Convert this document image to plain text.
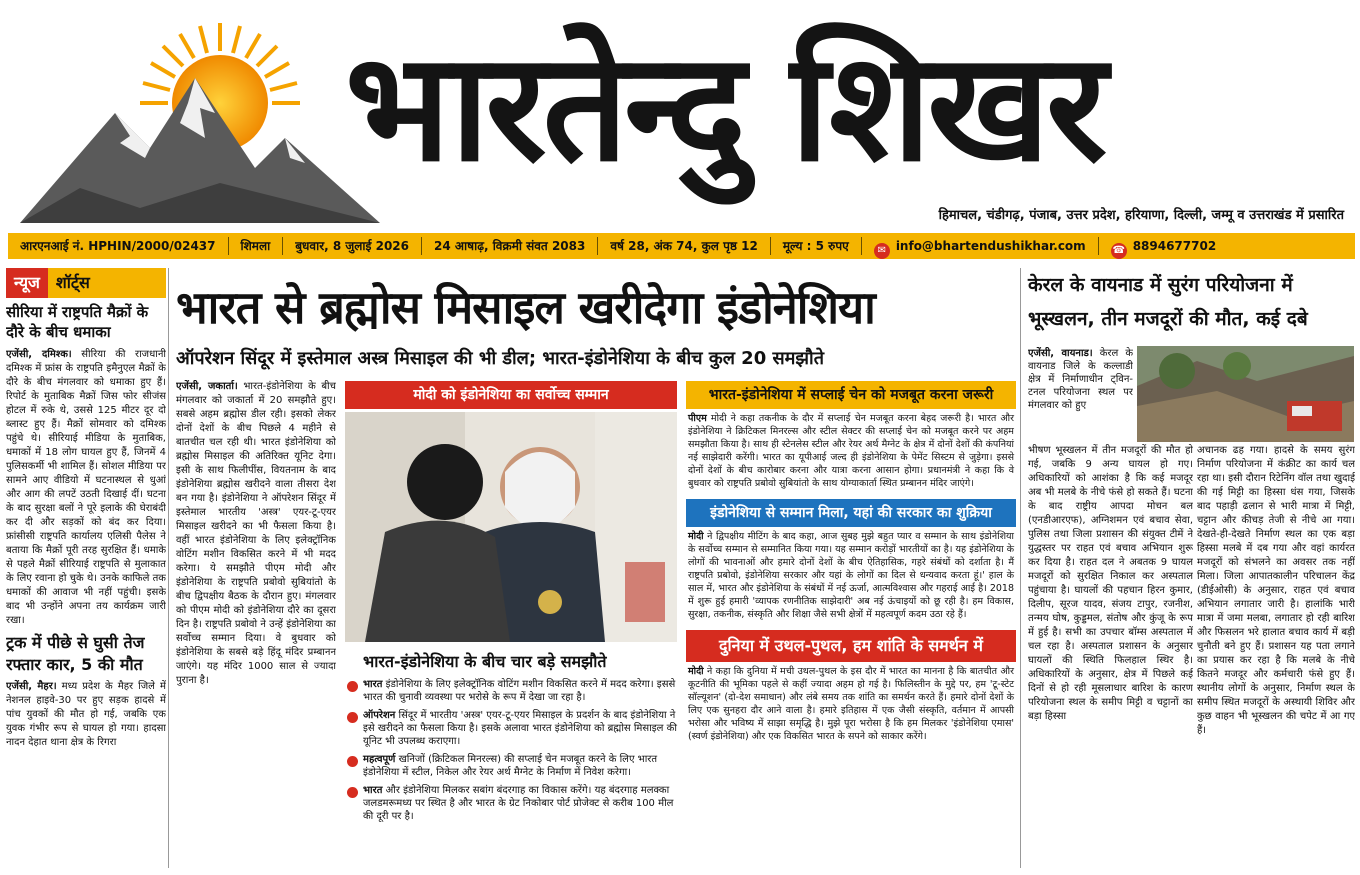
भारतेन्दु शिखर
हिमाचल, चंडीगढ़, पंजाब, उत्तर प्रदेश, हरियाणा, दिल्ली, जम्मू व उत्तराखंड में प्रसारित
आरएनआई नं. HPHIN/2000/02437	शिमला	बुधवार, 8 जुलाई 2026	24 आषाढ़, विक्रमी संवत 2083	वर्ष 28, अंक 74, कुल पृष्ठ 12	मूल्य : 5 रुपए	✉ info@bhartendushikhar.com	☎ 8894677702
न्यूज	शॉर्ट्स
सीरिया में राष्ट्रपति मैक्रों के दौरे के बीच धमाका
एजेंसी, दमिश्क। सीरिया की राजधानी दमिश्क में फ्रांस के राष्ट्रपति इमैनुएल मैक्रों के दौरे के बीच मंगलवार को धमाका हुए हैं। रिपोर्ट के मुताबिक मैक्रों जिस फोर सीजंस होटल में रुके थे, उससे 125 मीटर दूर दो ब्लास्ट हुए हैं। मैक्रों सोमवार को दमिश्क पहुंचे थे। सीरियाई मीडिया के मुताबिक, धमाकों में 18 लोग घायल हुए हैं, जिनमें 4 पुलिसकर्मी भी शामिल हैं। सोशल मीडिया पर सामने आए वीडियो में घटनास्थल से धुआं और आग की लपटें उठती दिखाई दीं। घटना के बाद सुरक्षा बलों ने पूरे इलाके की घेराबंदी कर दी और सड़कों को बंद कर दिया। फ्रांसीसी राष्ट्रपति कार्यालय एलिसी पैलेस ने बताया कि मैक्रों पूरी तरह सुरक्षित हैं। धमाके से पहले मैक्रों सीरियाई राष्ट्रपति से मुलाकात के लिए रवाना हो चुके थे। उनके काफिले तक धमाकों की आवाज भी नहीं पहुंची। इसके बाद भी उन्होंने अपना तय कार्यक्रम जारी रखा।
ट्रक में पीछे से घुसी तेज रफ्तार कार, 5 की मौत
एजेंसी, मैहर। मध्य प्रदेश के मैहर जिले में नेशनल हाइवे-30 पर हुए सड़क हादसे में पांच युवकों की मौत हो गई, जबकि एक युवक गंभीर रूप से घायल हो गया। हादसा नादन देहात थाना क्षेत्र के रिगरा
भारत से ब्रह्मोस मिसाइल खरीदेगा इंडोनेशिया
ऑपरेशन सिंदूर में इस्तेमाल अस्त्र मिसाइल की भी डील; भारत-इंडोनेशिया के बीच कुल 20 समझौते
एजेंसी, जकार्ता। भारत-इंडोनेशिया के बीच मंगलवार को जकार्ता में 20 समझौते हुए। सबसे अहम ब्रह्मोस डील रही। इसको लेकर दोनों देशों के बीच पिछले 4 महीने से बातचीत चल रही थी। भारत इंडोनेशिया को ब्रह्मोस मिसाइल की अतिरिक्त यूनिट देगा। इसी के साथ फिलीपींस, वियतनाम के बाद इंडोनेशिया ब्रह्मोस खरीदने वाला तीसरा देश बन गया है। इंडोनेशिया ने ऑपरेशन सिंदूर में इस्तेमाल भारतीय 'अस्त्र' एयर-टू-एयर मिसाइल खरीदने का भी फैसला किया है। वहीं भारत इंडोनेशिया के लिए इलेक्ट्रॉनिक वोटिंग मशीन विकसित करने में भी मदद करेगा। ये समझौते पीएम मोदी और इंडोनेशिया के राष्ट्रपति प्रबोवो सुबियांतो के बीच द्विपक्षीय बैठक के दौरान हुए। मंगलवार को पीएम मोदी को इंडोनेशिया दौरे का दूसरा दिन है। राष्ट्रपति प्रबोवो ने उन्हें इंडोनेशिया का सर्वोच्च सम्मान दिया। वे बुधवार को इंडोनेशिया के सबसे बड़े हिंदू मंदिर प्रम्बानन जाएंगे। यह मंदिर 1000 साल से ज्यादा पुराना है।
मोदी को इंडोनेशिया का सर्वोच्च सम्मान
भारत-इंडोनेशिया के बीच चार बड़े समझौते
भारत इंडोनेशिया के लिए इलेक्ट्रॉनिक वोटिंग मशीन विकसित करने में मदद करेगा। इससे भारत की चुनावी व्यवस्था पर भरोसे के रूप में देखा जा रहा है।
ऑपरेशन सिंदूर में भारतीय 'अस्त्र' एयर-टू-एयर मिसाइल के प्रदर्शन के बाद इंडोनेशिया ने इसे खरीदने का फैसला किया है। इसके अलावा भारत इंडोनेशिया को ब्रह्मोस मिसाइल की यूनिट भी उपलब्ध कराएगा।
महत्वपूर्ण खनिजों (क्रिटिकल मिनरल्स) की सप्लाई चेन मजबूत करने के लिए भारत इंडोनेशिया में स्टील, निकेल और रेयर अर्थ मैग्नेट के निर्माण में निवेश करेगा।
भारत और इंडोनेशिया मिलकर सबांग बंदरगाह का विकास करेंगे। यह बंदरगाह मलक्का जलडमरूमध्य पर स्थित है और भारत के ग्रेट निकोबार पोर्ट प्रोजेक्ट से करीब 100 मील की दूरी पर है।
भारत-इंडोनेशिया में सप्लाई चेन को मजबूत करना जरूरी
पीएम मोदी ने कहा तकनीक के दौर में सप्लाई चेन मजबूत करना बेहद जरूरी है। भारत और इंडोनेशिया ने क्रिटिकल मिनरल्स और स्टील सेक्टर की सप्लाई चेन को मजबूत करने पर अहम समझौता किया है। साथ ही स्टेनलेस स्टील और रेयर अर्थ मैग्नेट के क्षेत्र में दोनों देशों की कंपनियां नई साझेदारी करेंगी। भारत का यूपीआई जल्द ही इंडोनेशिया के पेमेंट सिस्टम से जुड़ेगा। इससे दोनों देशों के बीच कारोबार करना और यात्रा करना आसान होगा। प्रधानमंत्री ने कहा कि वे बुधवार को राष्ट्रपति प्रबोवो सुबियांतो के साथ योग्याकार्ता स्थित प्रम्बानन मंदिर जाएंगे।
इंडोनेशिया से सम्मान मिला, यहां की सरकार का शुक्रिया
मोदी ने द्विपक्षीय मीटिंग के बाद कहा, आज सुबह मुझे बहुत प्यार व सम्मान के साथ इंडोनेशिया के सर्वोच्च सम्मान से सम्मानित किया गया। यह सम्मान करोड़ों भारतीयों का है। यह इंडोनेशिया के लोगों की भावनाओं और हमारे दोनों देशों के बीच ऐतिहासिक, गहरे संबंधों को दर्शाता है। मैं राष्ट्रपति प्रबोवो, इंडोनेशिया सरकार और यहां के लोगों का दिल से धन्यवाद करता हूं।' हाल के साल में, भारत और इंडोनेशिया के संबंधों में नई ऊर्जा, आत्मविश्वास और गहराई आई है। 2018 में शुरू हुई हमारी 'व्यापक रणनीतिक साझेदारी' अब नई ऊंचाइयों को छू रही है। हम विकास, सुरक्षा, तकनीक, संस्कृति और शिक्षा जैसे सभी क्षेत्रों में महत्वपूर्ण कदम उठा रहे हैं।
दुनिया में उथल-पुथल, हम शांति के समर्थन में
मोदी ने कहा कि दुनिया में मची उथल-पुथल के इस दौर में भारत का मानना है कि बातचीत और कूटनीति की भूमिका पहले से कहीं ज्यादा अहम हो गई है। फिलिस्तीन के मुद्दे पर, हम 'टू-स्टेट सॉल्यूशन' (दो-देश समाधान) और लंबे समय तक शांति का समर्थन करते हैं। हमारे दोनों देशों के लिए एक सुनहरा दौर आने वाला है। हमारे इतिहास में एक जैसी संस्कृति, वर्तमान में आपसी भरोसा और भविष्य में साझा समृद्धि है। मुझे पूरा भरोसा है कि हम मिलकर 'इंडोनेशिया एमास' (स्वर्ण इंडोनेशिया) और एक विकसित भारत के सपने को साकार करेंगे।
केरल के वायनाड में सुरंग परियोजना में भूस्खलन, तीन मजदूरों की मौत, कई दबे
एजेंसी, वायनाड। केरल के वायनाड जिले के कल्लाडी क्षेत्र में निर्माणाधीन ट्विन-टनल परियोजना स्थल पर मंगलवार को हुए
भीषण भूस्खलन में तीन मजदूरों की मौत हो गई, जबकि 9 अन्य घायल हो गए। अधिकारियों को आशंका है कि कई मजदूर अब भी मलबे के नीचे फंसे हो सकते हैं। घटना के बाद राष्ट्रीय आपदा मोचन बल (एनडीआरएफ), अग्निशमन एवं बचाव सेवा, पुलिस तथा जिला प्रशासन की संयुक्त टीमें ने युद्धस्तर पर राहत एवं बचाव अभियान शुरू कर दिया है। राहत दल ने अबतक 9 घायल मजदूरों को सुरक्षित निकाल कर अस्पताल पहुंचाया है। घायलों की पहचान हिरन कुमार, दिलीप, सूरज यादव, संजय टापुर, रजनीश, तन्मय घोष, कुड्डमल, संतोष और कुंजू के रूप में हुई है। सभी का उपचार बॉम्स अस्पताल में चल रहा है। अस्पताल प्रशासन के अनुसार घायलों की स्थिति फिलहाल स्थिर है। अधिकारियों के अनुसार, क्षेत्र में पिछले कई दिनों से हो रही मूसलाधार बारिश के कारण परियोजना स्थल के समीप मिट्टी व चट्टानों का बड़ा हिस्सा
अचानक ढह गया। हादसे के समय सुरंग निर्माण परियोजना में कंक्रीट का कार्य चल रहा था। इसी दौरान रिटेनिंग वॉल तथा खुदाई की गई मिट्टी का हिस्सा धंस गया, जिसके बाद पहाड़ी ढलान से भारी मात्रा में मिट्टी, चट्टान और कीचड़ तेजी से नीचे आ गया। देखते-ही-देखते निर्माण स्थल का एक बड़ा हिस्सा मलबे में दब गया और वहां कार्यरत मजदूरों को संभलने का अवसर तक नहीं मिला। जिला आपातकालीन परिचालन केंद्र (डीईओसी) के अनुसार, राहत एवं बचाव अभियान लगातार जारी है। हालांकि भारी मात्रा में जमा मलबा, लगातार हो रही बारिश और फिसलन भरे हालात बचाव कार्य में बड़ी चुनौती बने हुए हैं। प्रशासन यह पता लगाने का प्रयास कर रहा है कि मलबे के नीचे कितने मजदूर और कर्मचारी फंसे हुए हैं। स्थानीय लोगों के अनुसार, निर्माण स्थल के समीप स्थित मजदूरों के अस्थायी शिविर और कुछ वाहन भी भूस्खलन की चपेट में आ गए हैं।
